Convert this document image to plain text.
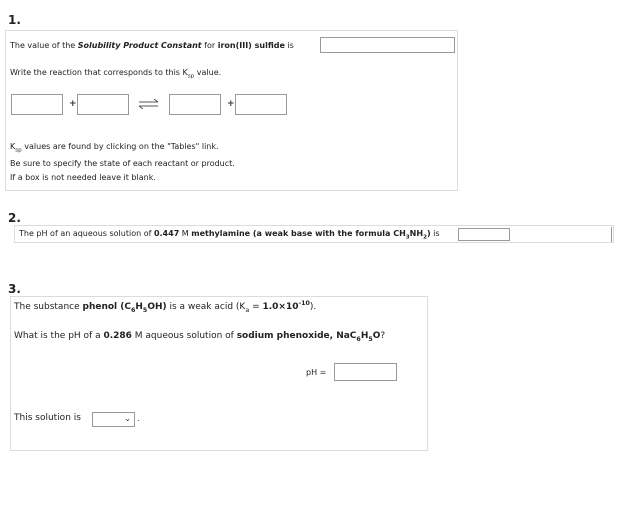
1.
The value of the Solubility Product Constant for iron(III) sulfide is
Write the reaction that corresponds to this $K_{sp}$ value.
+	+
$K_{sp}$ values are found by clicking on the "Tables" link.
Be sure to specify the state of each reactant or product.
If a box is not needed leave it blank.
2.
The pH of an aqueous solution of 0.447 M methylamine (a weak base with the formula $CH_3NH_2$) is
3.
The substance phenol $(C_6H_5OH)$ is a weak acid $(K_a = 1.0\times 10^{-10})$.
What is the pH of a 0.286 M aqueous solution of sodium phenoxide, $NaC_6H_5O$?
pH =
This solution is	⌄ .
